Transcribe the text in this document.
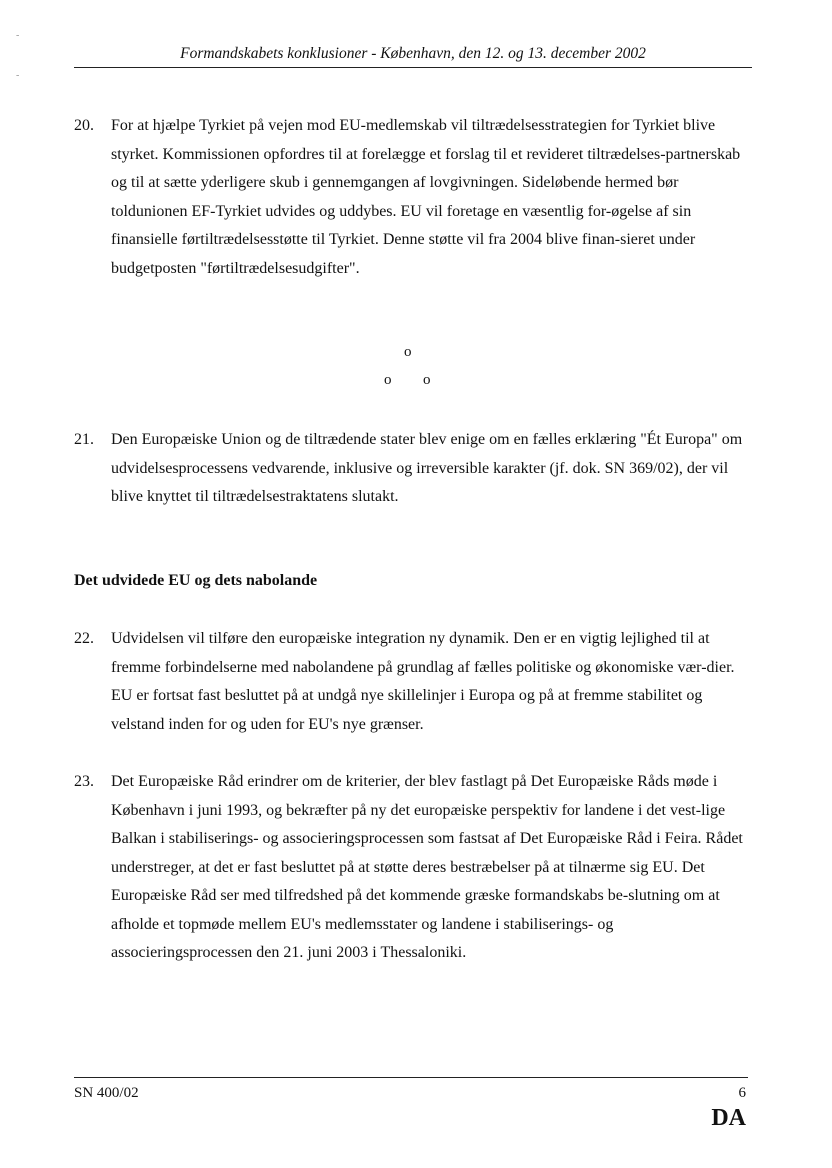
-
-
Formandskabets konklusioner - København, den 12. og 13. december 2002
20. For at hjælpe Tyrkiet på vejen mod EU-medlemskab vil tiltrædelsesstrategien for Tyrkiet blive styrket. Kommissionen opfordres til at forelægge et forslag til et revideret tiltrædelses-partnerskab og til at sætte yderligere skub i gennemgangen af lovgivningen. Sideløbende hermed bør toldunionen EF-Tyrkiet udvides og uddybes. EU vil foretage en væsentlig for-øgelse af sin finansielle førtiltrædelsesstøtte til Tyrkiet. Denne støtte vil fra 2004 blive finan-sieret under budgetposten "førtiltrædelsesudgifter".
o
o o
21. Den Europæiske Union og de tiltrædende stater blev enige om en fælles erklæring "Ét Europa" om udvidelsesprocessens vedvarende, inklusive og irreversible karakter (jf. dok. SN 369/02), der vil blive knyttet til tiltrædelsestraktatens slutakt.
Det udvidede EU og dets nabolande
22. Udvidelsen vil tilføre den europæiske integration ny dynamik. Den er en vigtig lejlighed til at fremme forbindelserne med nabolandene på grundlag af fælles politiske og økonomiske vær-dier. EU er fortsat fast besluttet på at undgå nye skillelinjer i Europa og på at fremme stabilitet og velstand inden for og uden for EU's nye grænser.
23. Det Europæiske Råd erindrer om de kriterier, der blev fastlagt på Det Europæiske Råds møde i København i juni 1993, og bekræfter på ny det europæiske perspektiv for landene i det vest-lige Balkan i stabiliserings- og associeringsprocessen som fastsat af Det Europæiske Råd i Feira. Rådet understreger, at det er fast besluttet på at støtte deres bestræbelser på at tilnærme sig EU. Det Europæiske Råd ser med tilfredshed på det kommende græske formandskabs be-slutning om at afholde et topmøde mellem EU's medlemsstater og landene i stabiliserings- og associeringsprocessen den 21. juni 2003 i Thessaloniki.
SN 400/02	6
DA
